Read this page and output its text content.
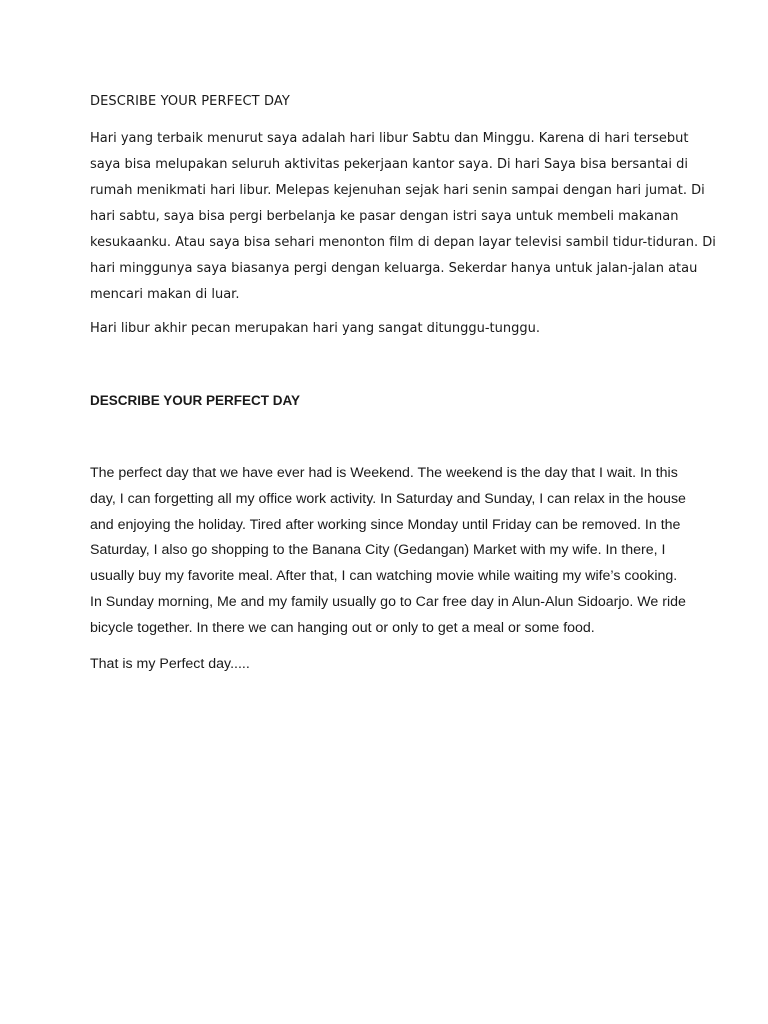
DESCRIBE YOUR PERFECT DAY
Hari yang terbaik menurut saya adalah hari libur Sabtu dan Minggu. Karena di hari tersebut
saya bisa melupakan seluruh aktivitas pekerjaan kantor saya. Di hari Saya bisa bersantai di
rumah menikmati hari libur. Melepas kejenuhan sejak hari senin sampai dengan hari jumat. Di
hari sabtu, saya bisa pergi berbelanja ke pasar dengan istri saya untuk membeli makanan
kesukaanku. Atau saya bisa sehari menonton film di depan layar televisi sambil tidur-tiduran. Di
hari minggunya saya biasanya pergi dengan keluarga. Sekerdar hanya untuk jalan-jalan atau
mencari makan di luar.
Hari libur akhir pecan merupakan hari yang sangat ditunggu-tunggu.
DESCRIBE YOUR PERFECT DAY
The perfect day that we have ever had is Weekend. The weekend is the day that I wait. In this
day, I can forgetting all my office work activity. In Saturday and Sunday, I can relax in the house
and enjoying the holiday. Tired after working since Monday until Friday can be removed. In the
Saturday, I also go shopping to the Banana City (Gedangan) Market with my wife. In there, I
usually buy my favorite meal. After that, I can watching movie while waiting my wife’s cooking.
In Sunday morning, Me and my family usually go to Car free day in Alun-Alun Sidoarjo. We ride
bicycle together. In there we can hanging out or only to get a meal or some food.
That is my Perfect day.....
